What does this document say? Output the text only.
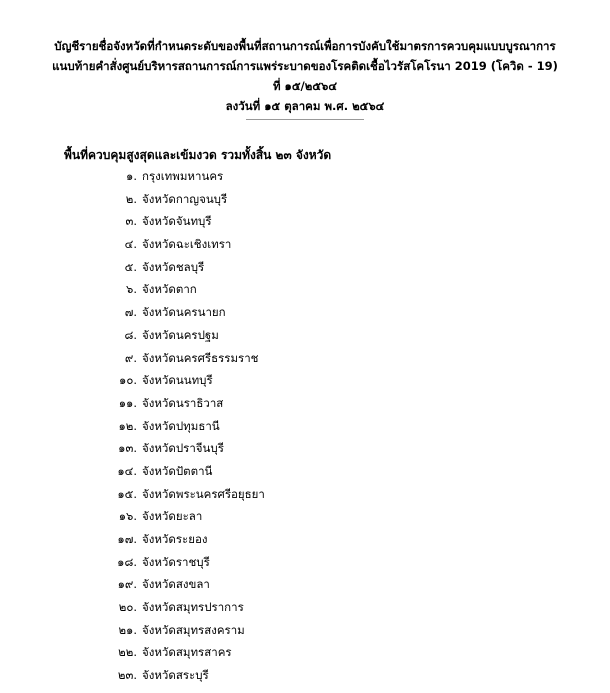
บัญชีรายชื่อจังหวัดที่กำหนดระดับของพื้นที่สถานการณ์เพื่อการบังคับใช้มาตรการควบคุมแบบบูรณาการ
แนบท้ายคำสั่งศูนย์บริหารสถานการณ์การแพร่ระบาดของโรคติดเชื้อไวรัสโคโรนา 2019 (โควิด - 19)
ที่ ๑๕/๒๕๖๔
ลงวันที่ ๑๕ ตุลาคม พ.ศ. ๒๕๖๔
พื้นที่ควบคุมสูงสุดและเข้มงวด รวมทั้งสิ้น ๒๓ จังหวัด
๑. กรุงเทพมหานคร
๒. จังหวัดกาญจนบุรี
๓. จังหวัดจันทบุรี
๔. จังหวัดฉะเชิงเทรา
๕. จังหวัดชลบุรี
๖. จังหวัดตาก
๗. จังหวัดนครนายก
๘. จังหวัดนครปฐม
๙. จังหวัดนครศรีธรรมราช
๑๐. จังหวัดนนทบุรี
๑๑. จังหวัดนราธิวาส
๑๒. จังหวัดปทุมธานี
๑๓. จังหวัดปราจีนบุรี
๑๔. จังหวัดปัตตานี
๑๕. จังหวัดพระนครศรีอยุธยา
๑๖. จังหวัดยะลา
๑๗. จังหวัดระยอง
๑๘. จังหวัดราชบุรี
๑๙. จังหวัดสงขลา
๒๐. จังหวัดสมุทรปราการ
๒๑. จังหวัดสมุทรสงคราม
๒๒. จังหวัดสมุทรสาคร
๒๓. จังหวัดสระบุรี
